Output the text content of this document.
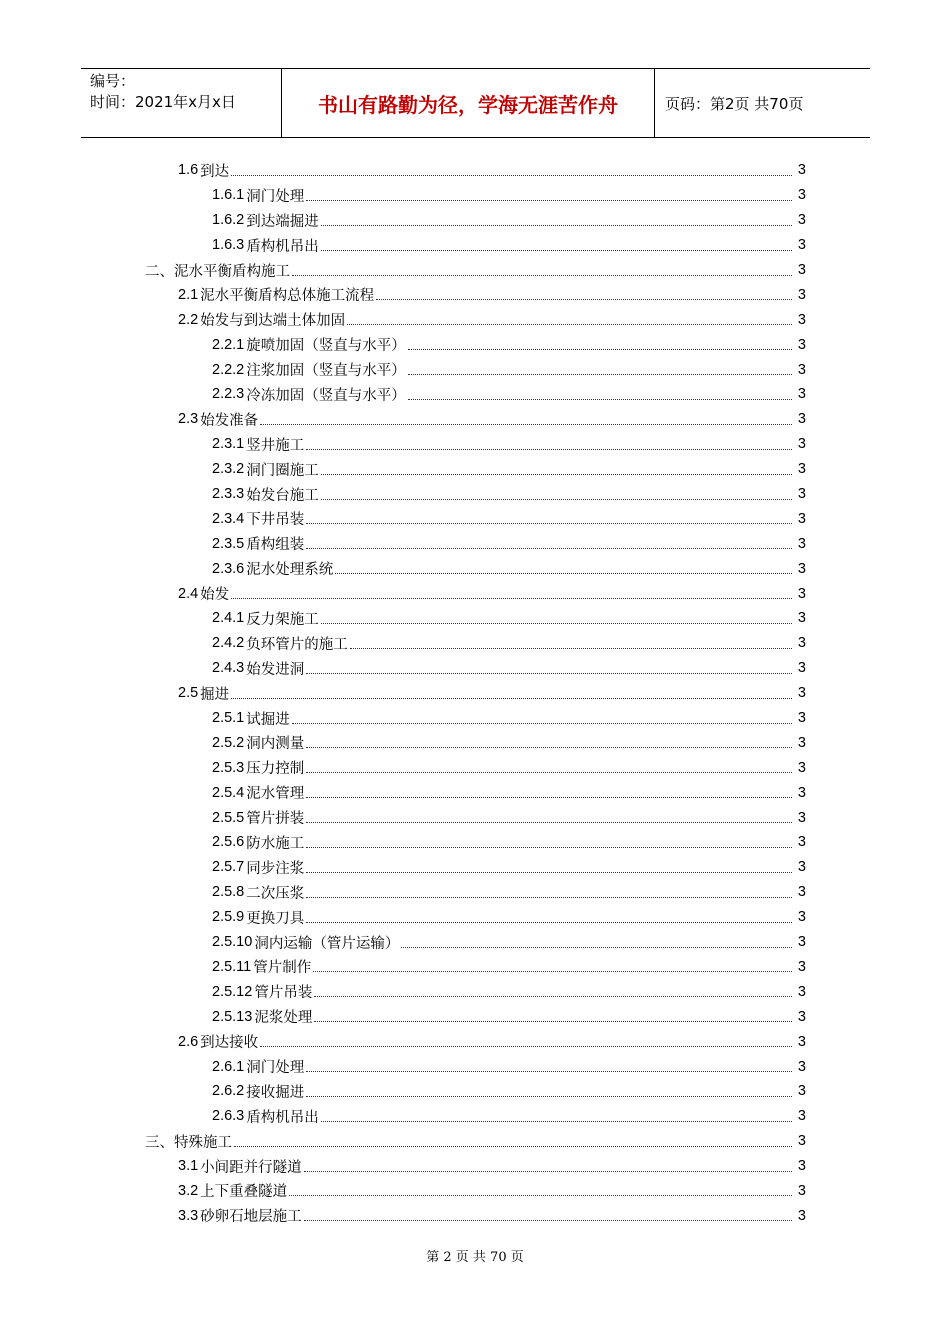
编号：
时间：2021年x月x日	书山有路勤为径，学海无涯苦作舟	页码：第2页 共70页
1.6 到达	3
1.6.1 洞门处理	3
1.6.2 到达端掘进	3
1.6.3 盾构机吊出	3
二、泥水平衡盾构施工	3
2.1 泥水平衡盾构总体施工流程	3
2.2 始发与到达端土体加固	3
2.2.1 旋喷加固（竖直与水平）	3
2.2.2 注浆加固（竖直与水平）	3
2.2.3 冷冻加固（竖直与水平）	3
2.3 始发准备	3
2.3.1 竖井施工	3
2.3.2 洞门圈施工	3
2.3.3 始发台施工	3
2.3.4 下井吊装	3
2.3.5 盾构组装	3
2.3.6 泥水处理系统	3
2.4 始发	3
2.4.1 反力架施工	3
2.4.2 负环管片的施工	3
2.4.3 始发进洞	3
2.5 掘进	3
2.5.1 试掘进	3
2.5.2 洞内测量	3
2.5.3 压力控制	3
2.5.4 泥水管理	3
2.5.5 管片拼装	3
2.5.6 防水施工	3
2.5.7 同步注浆	3
2.5.8 二次压浆	3
2.5.9 更换刀具	3
2.5.10 洞内运输（管片运输）	3
2.5.11 管片制作	3
2.5.12 管片吊装	3
2.5.13 泥浆处理	3
2.6 到达接收	3
2.6.1 洞门处理	3
2.6.2 接收掘进	3
2.6.3 盾构机吊出	3
三、特殊施工	3
3.1 小间距并行隧道	3
3.2 上下重叠隧道	3
3.3 砂卵石地层施工	3
第 2 页 共 70 页
